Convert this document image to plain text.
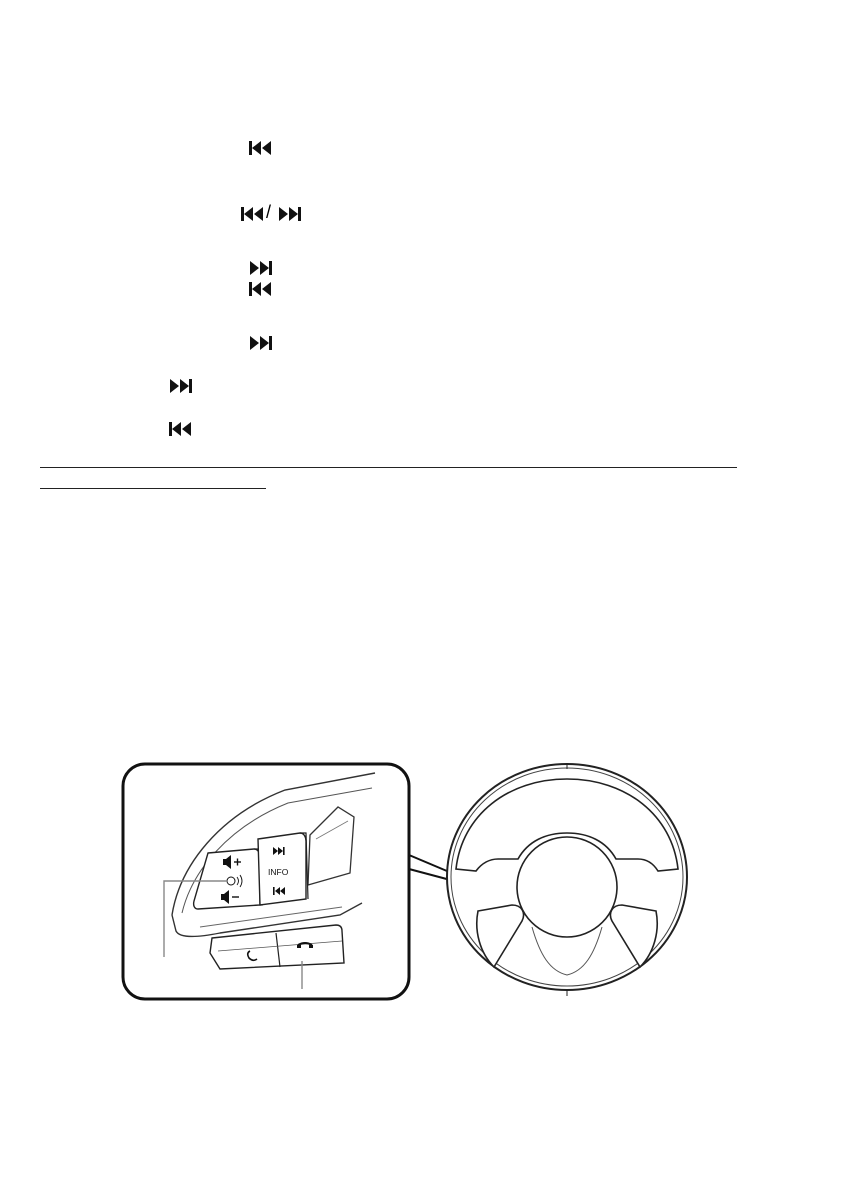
/
INFO
